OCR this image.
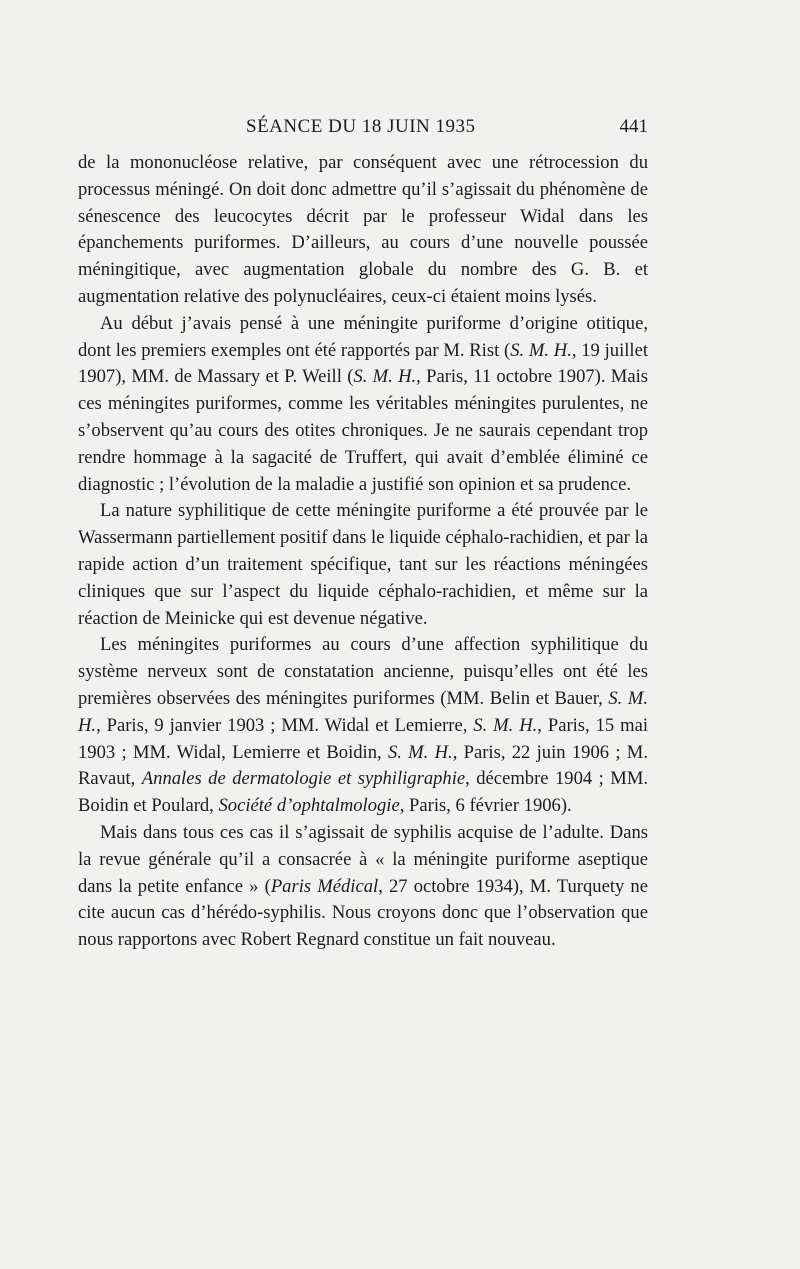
SÉANCE DU 18 JUIN 1935	441

de la mononucléose relative, par conséquent avec une rétrocession du processus méningé. On doit donc admettre qu’il s’agissait du phénomène de sénescence des leucocytes décrit par le professeur Widal dans les épanchements puriformes. D’ailleurs, au cours d’une nouvelle poussée méningitique, avec augmentation globale du nombre des G. B. et augmentation relative des polynucléaires, ceux-ci étaient moins lysés.

Au début j’avais pensé à une méningite puriforme d’origine otitique, dont les premiers exemples ont été rapportés par M. Rist (S. M. H., 19 juillet 1907), MM. de Massary et P. Weill (S. M. H., Paris, 11 octobre 1907). Mais ces méningites puriformes, comme les véritables méningites purulentes, ne s’observent qu’au cours des otites chroniques. Je ne saurais cependant trop rendre hommage à la sagacité de Truffert, qui avait d’emblée éliminé ce diagnostic ; l’évolution de la maladie a justifié son opinion et sa prudence.

La nature syphilitique de cette méningite puriforme a été prouvée par le Wassermann partiellement positif dans le liquide céphalo-rachidien, et par la rapide action d’un traitement spécifique, tant sur les réactions méningées cliniques que sur l’aspect du liquide céphalo-rachidien, et même sur la réaction de Meinicke qui est devenue négative.

Les méningites puriformes au cours d’une affection syphilitique du système nerveux sont de constatation ancienne, puisqu’elles ont été les premières observées des méningites puriformes (MM. Belin et Bauer, S. M. H., Paris, 9 janvier 1903 ; MM. Widal et Lemierre, S. M. H., Paris, 15 mai 1903 ; MM. Widal, Lemierre et Boidin, S. M. H., Paris, 22 juin 1906 ; M. Ravaut, Annales de dermatologie et syphiligraphie, décembre 1904 ; MM. Boidin et Poulard, Société d’ophtalmologie, Paris, 6 février 1906).

Mais dans tous ces cas il s’agissait de syphilis acquise de l’adulte. Dans la revue générale qu’il a consacrée à « la méningite puriforme aseptique dans la petite enfance » (Paris Médical, 27 octobre 1934), M. Turquety ne cite aucun cas d’hérédo-syphilis. Nous croyons donc que l’observation que nous rapportons avec Robert Regnard constitue un fait nouveau.
